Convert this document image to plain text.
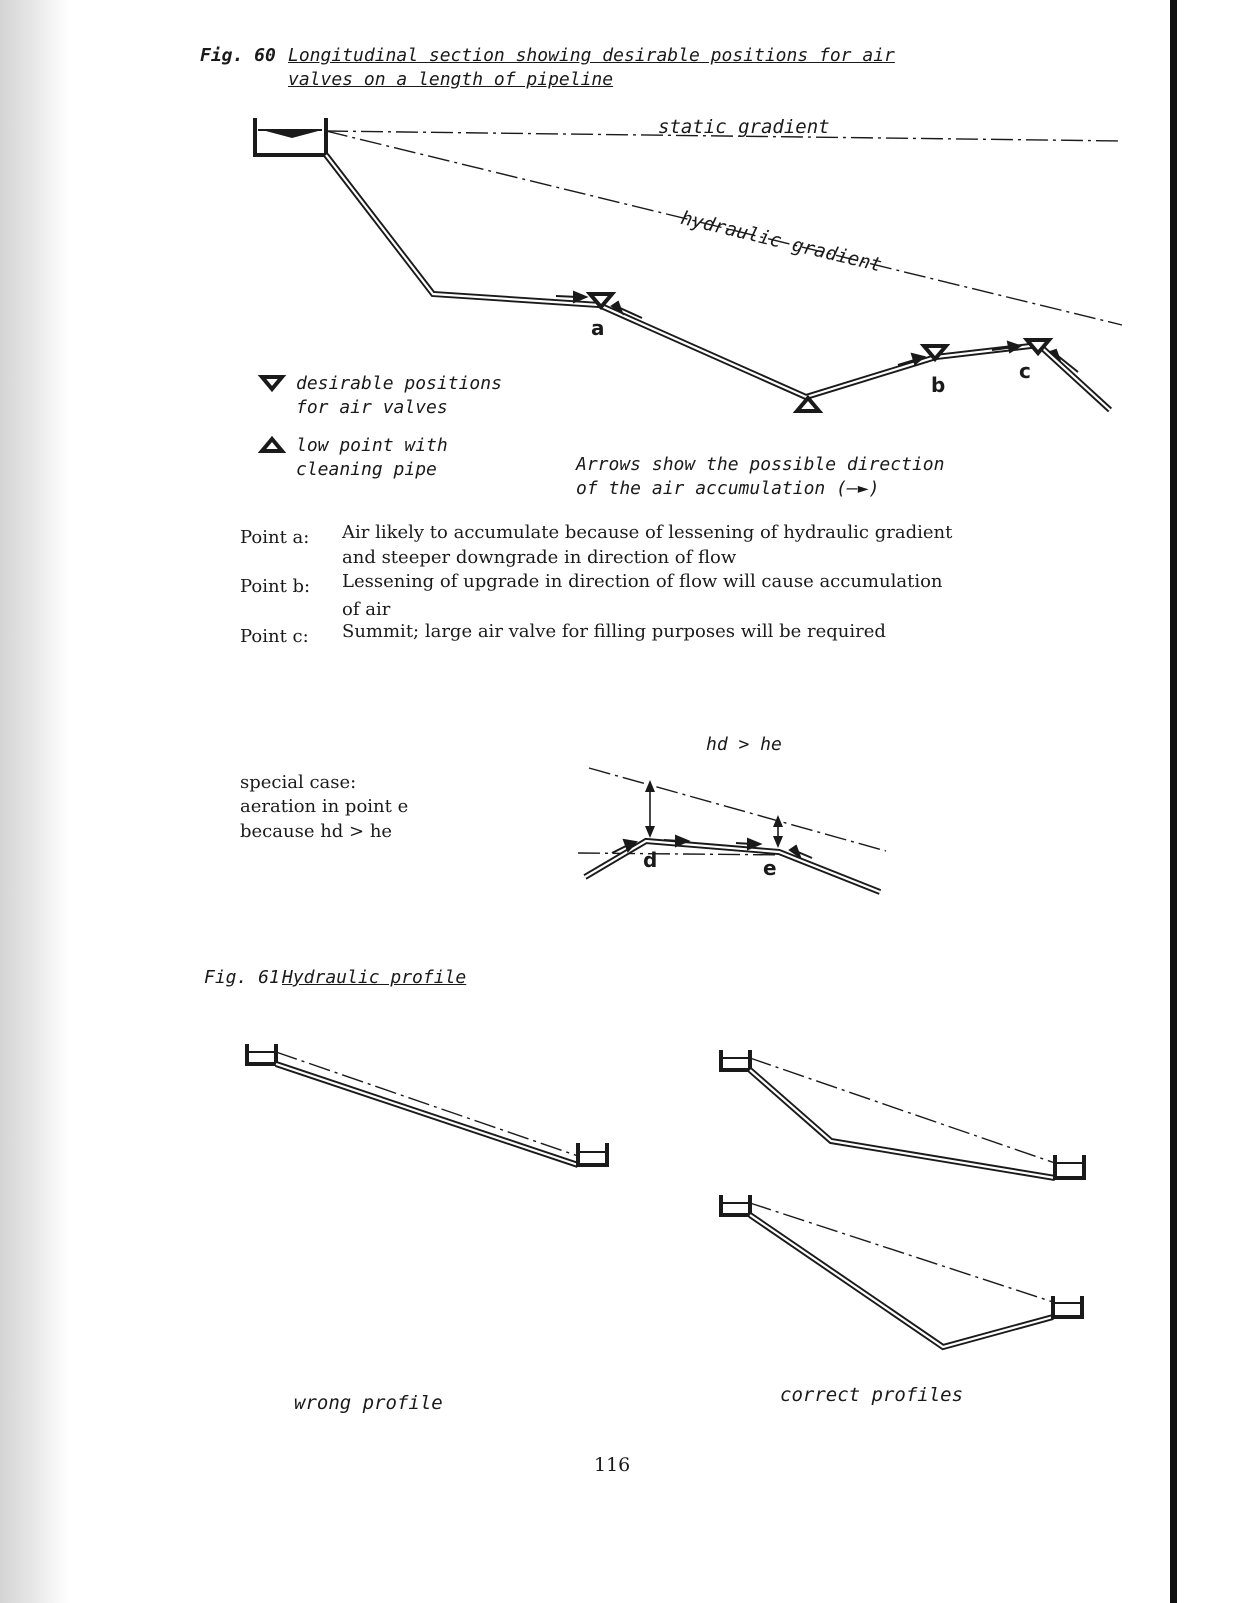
Fig. 60 Longitudinal section showing desirable positions for air
valves on a length of pipeline
static gradient
hydraulic gradient
a
b
c
desirable positions
for air valves
low point with
cleaning pipe	Arrows show the possible direction
of the air accumulation (—►)
Point a: Air likely to accumulate because of lessening of hydraulic gradient
and steeper downgrade in direction of flow
Point b: Lessening of upgrade in direction of flow will cause accumulation
of air
Point c: Summit; large air valve for filling purposes will be required
hd > he
special case:
aeration in point e
because hd > he
d	e
Fig. 61 Hydraulic profile
wrong profile	correct profiles
116
